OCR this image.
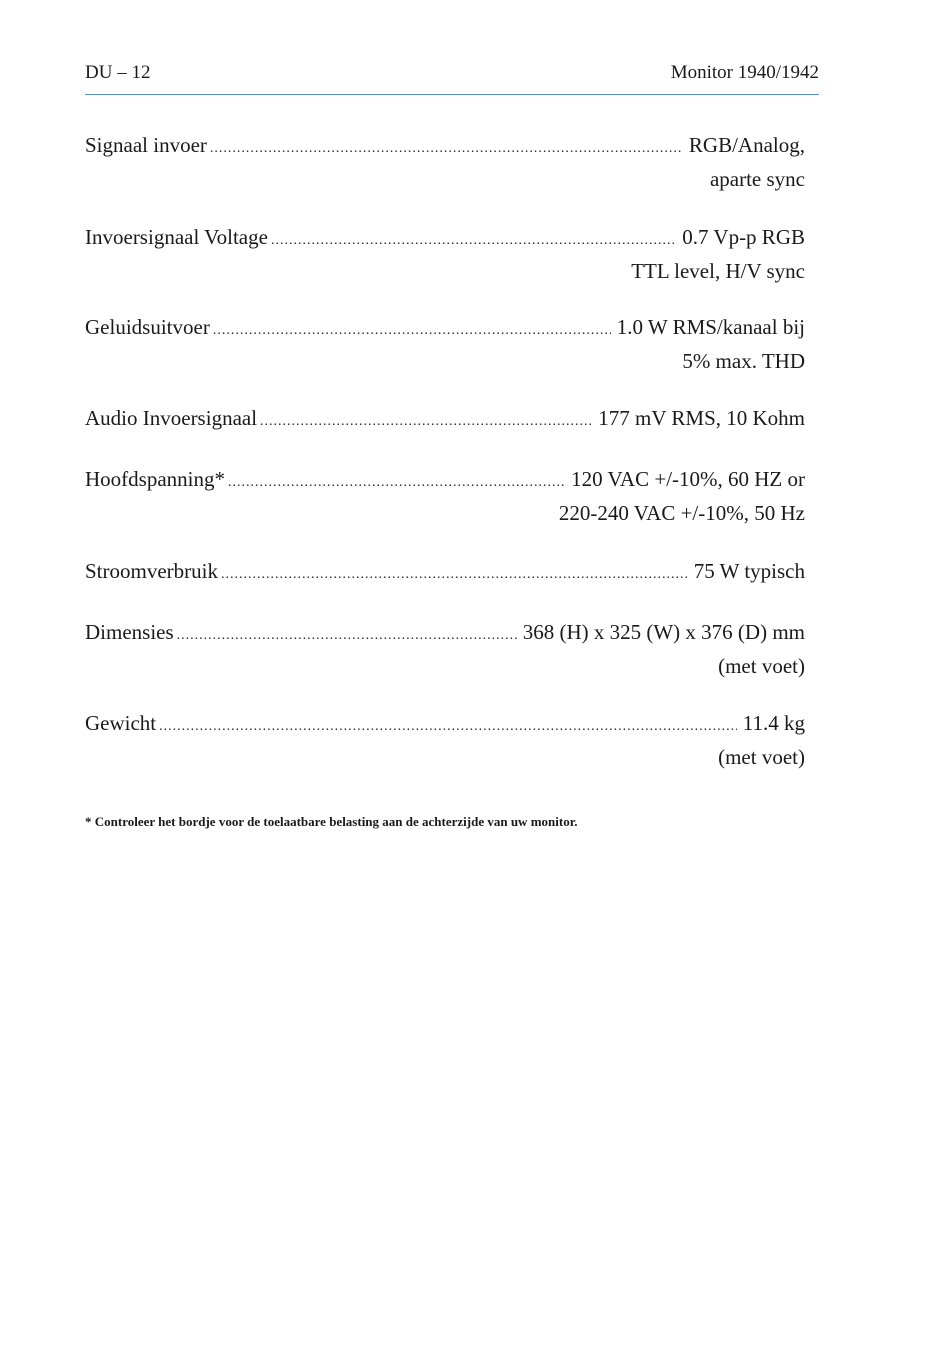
DU – 12	Monitor 1940/1942
Signaal invoer .....	RGB/Analog,
aparte sync
Invoersignaal Voltage .....	0.7 Vp-p RGB
TTL level, H/V sync
Geluidsuitvoer .....	1.0 W RMS/kanaal bij
5% max. THD
Audio Invoersignaal .....	177 mV RMS, 10 Kohm
Hoofdspanning* .....	120 VAC +/-10%, 60 HZ or
220-240 VAC +/-10%, 50 Hz
Stroomverbruik .....	75 W typisch
Dimensies .....	368 (H) x 325 (W) x 376 (D) mm
(met voet)
Gewicht .....	11.4 kg
(met voet)
* Controleer het bordje voor de toelaatbare belasting aan de achterzijde van uw monitor.
